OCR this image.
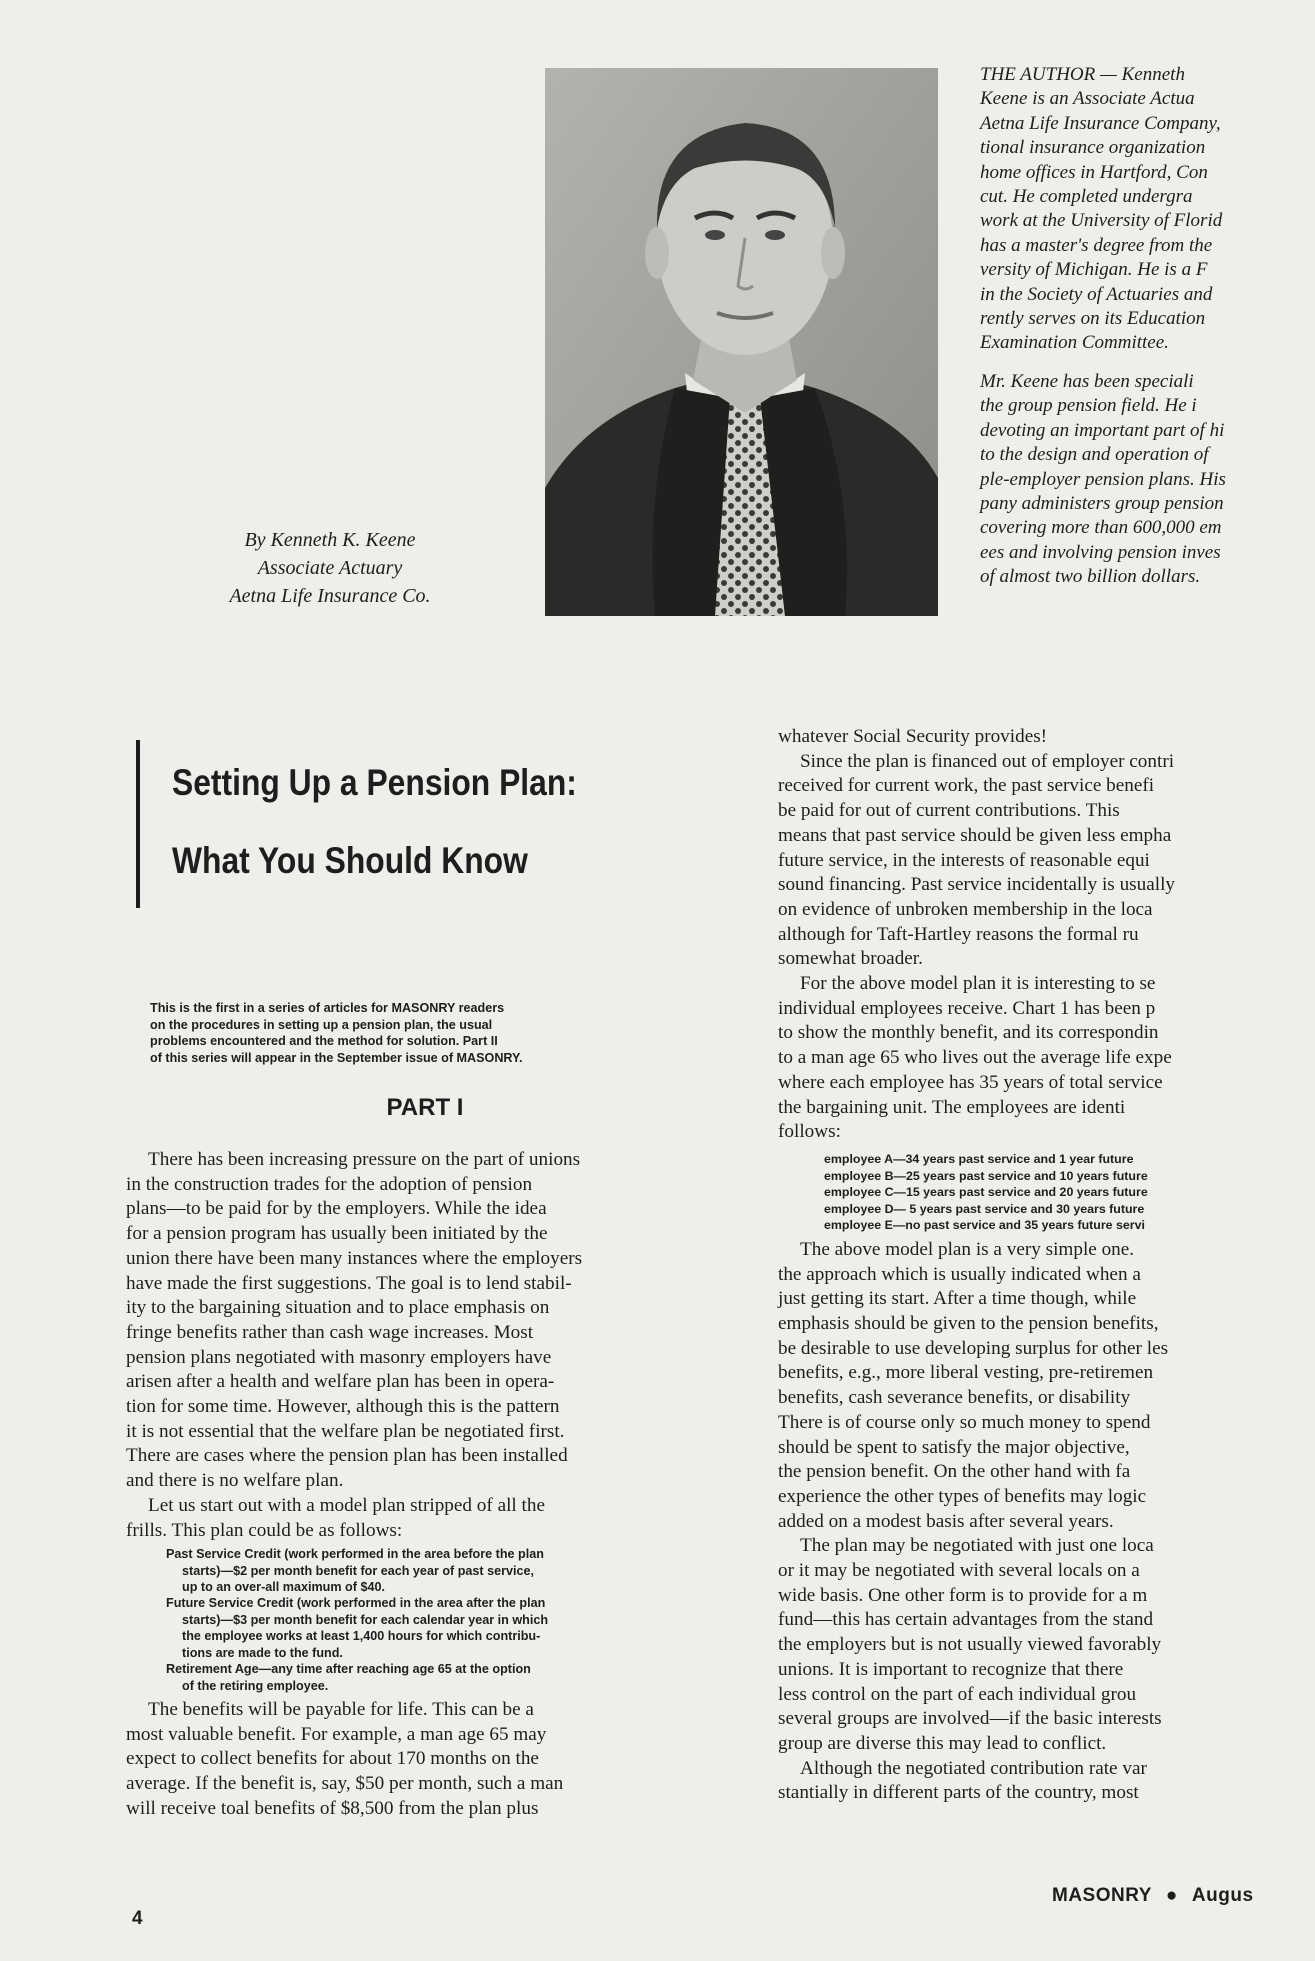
By Kenneth K. Keene
Associate Actuary
Aetna Life Insurance Co.
THE AUTHOR — Kenneth
Keene is an Associate Actua
Aetna Life Insurance Company,
tional insurance organization
home offices in Hartford, Con
cut. He completed undergra
work at the University of Florid
has a master's degree from the
versity of Michigan. He is a F
in the Society of Actuaries and
rently serves on its Education
Examination Committee.
Mr. Keene has been speciali
the group pension field. He i
devoting an important part of hi
to the design and operation of
ple-employer pension plans. His
pany administers group pension
covering more than 600,000 em
ees and involving pension inves
of almost two billion dollars.
Setting Up a Pension Plan:
What You Should Know
This is the first in a series of articles for MASONRY readers
on the procedures in setting up a pension plan, the usual
problems encountered and the method for solution. Part II
of this series will appear in the September issue of MASONRY.
PART I
There has been increasing pressure on the part of unions
in the construction trades for the adoption of pension
plans—to be paid for by the employers. While the idea
for a pension program has usually been initiated by the
union there have been many instances where the employers
have made the first suggestions. The goal is to lend stabil-
ity to the bargaining situation and to place emphasis on
fringe benefits rather than cash wage increases. Most
pension plans negotiated with masonry employers have
arisen after a health and welfare plan has been in opera-
tion for some time. However, although this is the pattern
it is not essential that the welfare plan be negotiated first.
There are cases where the pension plan has been installed
and there is no welfare plan.
Let us start out with a model plan stripped of all the
frills. This plan could be as follows:
Past Service Credit (work performed in the area before the plan
starts)—$2 per month benefit for each year of past service,
up to an over-all maximum of $40.
Future Service Credit (work performed in the area after the plan
starts)—$3 per month benefit for each calendar year in which
the employee works at least 1,400 hours for which contribu-
tions are made to the fund.
Retirement Age—any time after reaching age 65 at the option
of the retiring employee.
The benefits will be payable for life. This can be a
most valuable benefit. For example, a man age 65 may
expect to collect benefits for about 170 months on the
average. If the benefit is, say, $50 per month, such a man
will receive toal benefits of $8,500 from the plan plus
whatever Social Security provides!
Since the plan is financed out of employer contri
received for current work, the past service benefi
be paid for out of current contributions. This
means that past service should be given less empha
future service, in the interests of reasonable equi
sound financing. Past service incidentally is usually
on evidence of unbroken membership in the loca
although for Taft-Hartley reasons the formal ru
somewhat broader.
For the above model plan it is interesting to se
individual employees receive. Chart 1 has been p
to show the monthly benefit, and its correspondin
to a man age 65 who lives out the average life expe
where each employee has 35 years of total service
the bargaining unit. The employees are identi
follows:
employee A—34 years past service and 1 year future
employee B—25 years past service and 10 years future
employee C—15 years past service and 20 years future
employee D— 5 years past service and 30 years future
employee E—no past service and 35 years future servi
The above model plan is a very simple one.
the approach which is usually indicated when a
just getting its start. After a time though, while
emphasis should be given to the pension benefits,
be desirable to use developing surplus for other les
benefits, e.g., more liberal vesting, pre-retiremen
benefits, cash severance benefits, or disability
There is of course only so much money to spend
should be spent to satisfy the major objective,
the pension benefit. On the other hand with fa
experience the other types of benefits may logic
added on a modest basis after several years.
The plan may be negotiated with just one loca
or it may be negotiated with several locals on a
wide basis. One other form is to provide for a m
fund—this has certain advantages from the stand
the employers but is not usually viewed favorably
unions. It is important to recognize that there
less control on the part of each individual grou
several groups are involved—if the basic interests
group are diverse this may lead to conflict.
Although the negotiated contribution rate var
stantially in different parts of the country, most
4
MASONRY ● Augus
